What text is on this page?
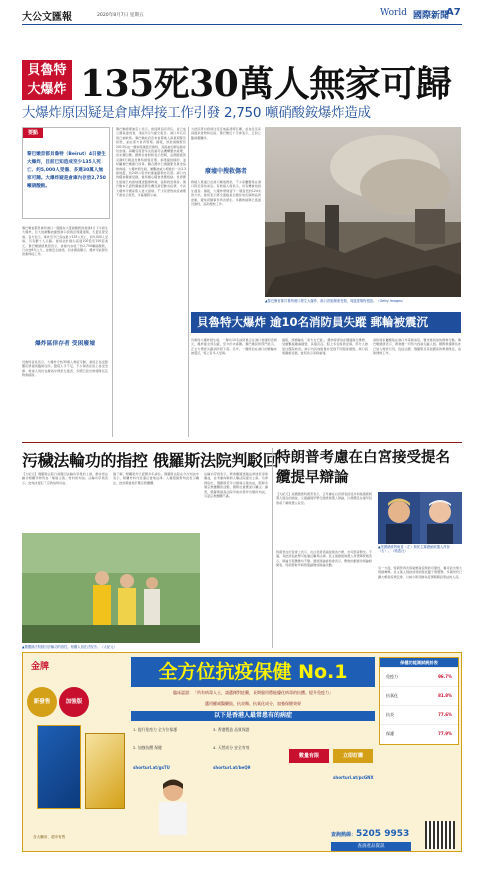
大公文匯報	2020年8月7日 星期五	World 國際新聞
A7
貝魯特
大爆炸 135死30萬人無家可歸
大爆炸原因疑是倉庫焊接工作引發 2,750 噸硝酸銨爆炸造成
要點
黎巴嫩首都貝魯特（Beirut）4日發生大爆炸，目前已知造成至少135人死亡、約5,000人受傷、多達30萬人無家可歸。大爆炸疑是倉庫內存放2,750噸硝酸銨。
黎巴嫩首都貝魯特港口一個儲存大量硝酸銨的倉庫4日下午發生大爆炸，巨大的衝擊波摧毀港口設施及周邊建築，大量民眾受傷。官方表示，事件至今已造成最少135人死亡，約5,000人受傷，另有數十人失蹤。當局估計損失高達100億至150億美元。黎巴嫩總統奧恩表示，倉庫內存放了約2,750噸硝酸銨，已存放6年之久，並無安全措施。初步調查顯示，爆炸可能源於倉庫焊接工作。
爆炸區倖存者 受困廢墟
貝魯特省長表示，大爆炸令約30萬人無家可歸，當局正為受影響民眾提供臨時住所。醫院人手不足，不少傷者在街上接受治療。救援人員仍在廢墟中搜索生還者，多國已派出救援隊伍及物資援助。
黎巴嫩總理迪亞卜表示，當局將追究責任，並已成立調查委員會，須在5日內提交報告。港口多名官員已被軟禁。黎巴嫩政府宣布首都進入兩星期緊急狀態，並由軍方負責管理。據報，該批硝酸銨於2013年由一艘貨船運抵貝魯特，其後被扣押並卸存於倉庫。海關官員曾多次致函司法機構要求處理，但未獲回應。國際社會紛紛表示慰問，法國總統馬克龍6日親赴貝魯特視察災情，承諾提供援助，並呼籲黎巴嫩推行改革。聯合國亦已調撥緊急資金協助救援。大爆炸發生時，衝擊波威力相當於一次3.3級地震，約240公里外的塞浦路斯亦有感。港口內的糧倉嚴重受損，當局擔心糧食供應短缺。世界衞生組織已向當地運送醫療物資，協助救治傷者。黎巴嫩本已面對嚴重經濟危機及新冠肺炎疫情，今次大爆炸令國家陷入更大困境。不少民眾對政府處理不當表示憤怒，多區爆發示威。
大批民眾自發前往受災地區清理瓦礫，並為受災家庭提供食物和住宿。黎巴嫩紅十字會表示，正設立臨時避難所。
廢墟中搜救傷者
救援人員連日在港口廢墟搜索，不少家屬聚集在港口附近等待消息。有救援人員表示，仍有機會找到生還者。據報，大爆炸現場留下一個直徑約124米的大坑。當局表示將全面檢查全國存放危險物品的倉庫，避免同類事件再次發生。多國救援隊已抵達貝魯特，協助搜救工作。
▲黎巴嫩首都貝魯特港口發生大爆炸，港口設施嚴重受損，周邊建築物損毀。（Getty Images）
貝魯特大爆炸 逾10名消防員失蹤 郵輪被震沉
貝魯特大爆炸發生時，一隊共10名消防員正在港口倉庫附近救火，爆炸後全部失蹤，至今仍未尋獲。黎巴嫩民防部門表示，正全力搜索失蹤消防員下落。另外，一艘停泊在港口的郵輪亦被震沉，船上有多人受傷。
據報，該郵輪為「東方女王號」，爆炸時停泊在碼頭進行維修，受衝擊後嚴重損毀，其後沉沒。船上多名船員受傷，部分人被送往醫院救治。港口內其他船隻亦受到不同程度損毀。港口設施嚴重受損，當局表示需時重建。
消防員家屬聚集在港口外等候消息，要求當局加快搜救行動。黎巴嫩總統表示，將會盡一切努力找尋失蹤人員。國際救援隊伍亦已加入搜索行列，包括法國、俄羅斯及其他國家的專業隊伍，協助搜救工作。
污穢法輪功的指控 俄羅斯法院判駁回
【大紀元】俄羅斯法院日前駁回法輪功學員的上訴，維持把法輪功相關刊物列為「極端主義」材料的判決。法輪功學員表示，此判決侵犯了宗教信仰自由。
據了解，相關案件已經歷多年訴訟。俄羅斯法院在今次判決中表示，相關材料內容違反當地法律。人權組織對判決表示關注，批評俄當局打壓宗教團體。
法輪功學員表示，將會繼續透過法律途徑爭取權益，並考慮向歐洲人權法院提出上訴。有律師指出，俄羅斯近年以極端主義為由，限制多個宗教團體的活動，國際社會應加以關注。據悉，俄羅斯最高法院早前亦曾作出類似判決，引起宗教團體不滿。
▲俄羅斯法院駁回法輪功的指控，相關人員在法院外。（大紀元）
特朗普考慮在白宮接受提名 纜提早辯論
【大紀元】美國總統特朗普表示，正考慮在白宮發表接受共和黨總統候選人提名的演說，又提議提早舉行總統候選人辯論，以便選民在提早投票前了解候選人政見。
▲美國總統特朗普（左）與民主黨總統候選人拜登（右）。（路透社）
特朗普在記者會上表示，在白宮發表演說最為方便，亦可節省開支。不過，有批評指此舉可能違反聯邦法律。民主黨總統候選人拜登陣營則表示，辯論日程應維持不變。總統辯論委員會表示，暫無計劃更改辯論時間表。特朗普較早時曾建議增加辯論次數。
另一方面，特朗普再次質疑郵寄投票的可靠性，稱可能出現大規模舞弊。民主黨人則批評特朗普試圖干預選舉。多個州份已擴大郵寄投票安排，以減少新冠肺炎疫情期間投票站的人流。
金牌
新發售	加強版
各大藥房、超市有售
全方位抗疫保健 No.1
臨床認證：「所有病毒人士，請選擇對症藥，長期服用將能優化病毒的抗體。提升免疫力」
選用權威醫藥級、抗炎類、抗氧化成分，加強保健效果
以下是香港人最常患有的病症
1. 提升免疫力 全方位保護
2. 加強抗體 保健
3. 香港製造 品質保證
4. 天然成分 安全有效
數量有限	立即訂購
shorturl.at/gsTU	shorturl.at/beQ9
shorturl.at/pcGNX
保健功能測試統計表
免疫力	96.7%
抗氧化	81.8%
抗炎	77.6%
保護	77.9%
查詢熱線：5205 9953
查詢產品資訊
